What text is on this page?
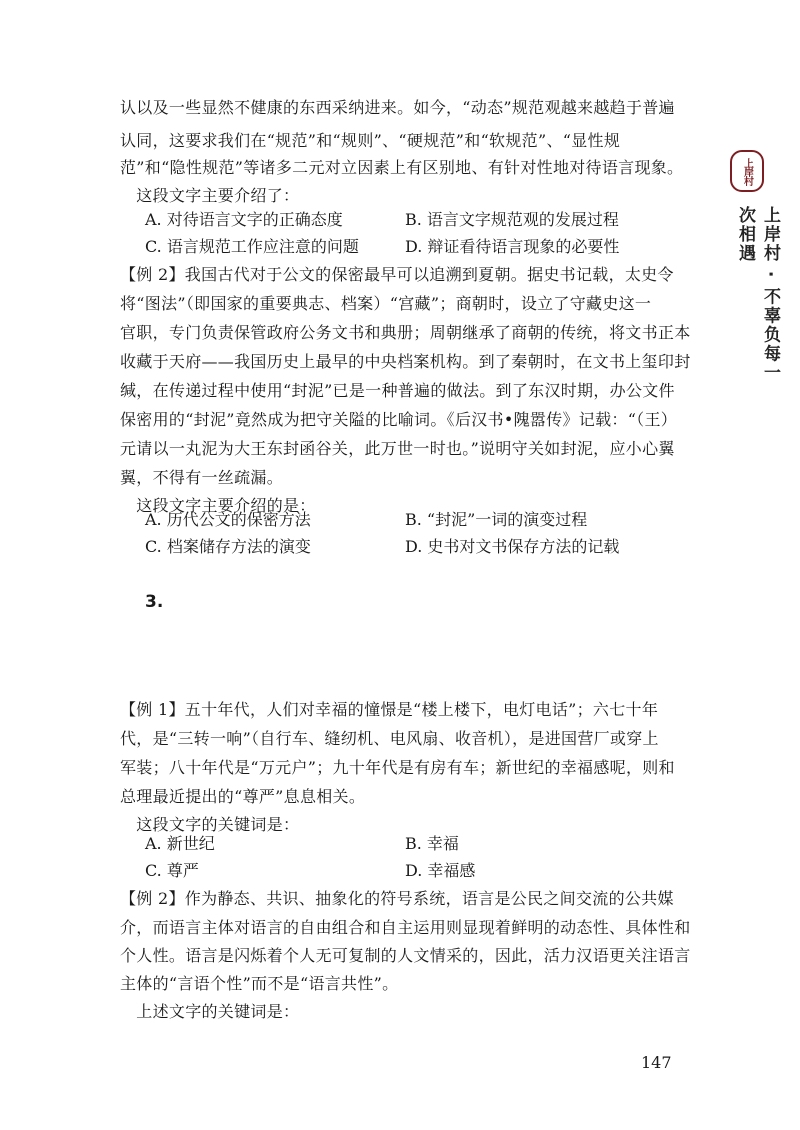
认以及一些显然不健康的东西采纳进来。如今，“动态”规范观越来越趋于普遍
认同，这要求我们在“规范”和“规则”、“硬规范”和“软规范”、“显性规
范”和“隐性规范”等诸多二元对立因素上有区别地、有针对性地对待语言现象。
　这段文字主要介绍了：
A. 对待语言文字的正确态度	B. 语言文字规范观的发展过程
C. 语言规范工作应注意的问题	D. 辩证看待语言现象的必要性
【例 2】我国古代对于公文的保密最早可以追溯到夏朝。据史书记载，太史令
将“图法”（即国家的重要典志、档案）“宫藏”；商朝时，设立了守藏史这一
官职，专门负责保管政府公务文书和典册；周朝继承了商朝的传统，将文书正本
收藏于天府——我国历史上最早的中央档案机构。到了秦朝时，在文书上玺印封
缄，在传递过程中使用“封泥”已是一种普遍的做法。到了东汉时期，办公文件
保密用的“封泥”竟然成为把守关隘的比喻词。《后汉书•隗嚣传》记载：“（王）
元请以一丸泥为大王东封函谷关，此万世一时也。”说明守关如封泥，应小心翼
翼，不得有一丝疏漏。
　这段文字主要介绍的是：
A. 历代公文的保密方法	B. “封泥”一词的演变过程
C. 档案储存方法的演变	D. 史书对文书保存方法的记载
3.
【例 1】五十年代，人们对幸福的憧憬是“楼上楼下，电灯电话”；六七十年
代，是“三转一响”（自行车、缝纫机、电风扇、收音机），是进国营厂或穿上
军装；八十年代是“万元户”；九十年代是有房有车；新世纪的幸福感呢，则和
总理最近提出的“尊严”息息相关。
　这段文字的关键词是：
A. 新世纪	B. 幸福
C. 尊严	D. 幸福感
【例 2】作为静态、共识、抽象化的符号系统，语言是公民之间交流的公共媒
介，而语言主体对语言的自由组合和自主运用则显现着鲜明的动态性、具体性和
个人性。语言是闪烁着个人无可复制的人文情采的，因此，活力汉语更关注语言
主体的“言语个性”而不是“语言共性”。
　上述文字的关键词是：
147
上岸村
上岸村 · 不辜负每一次相遇
